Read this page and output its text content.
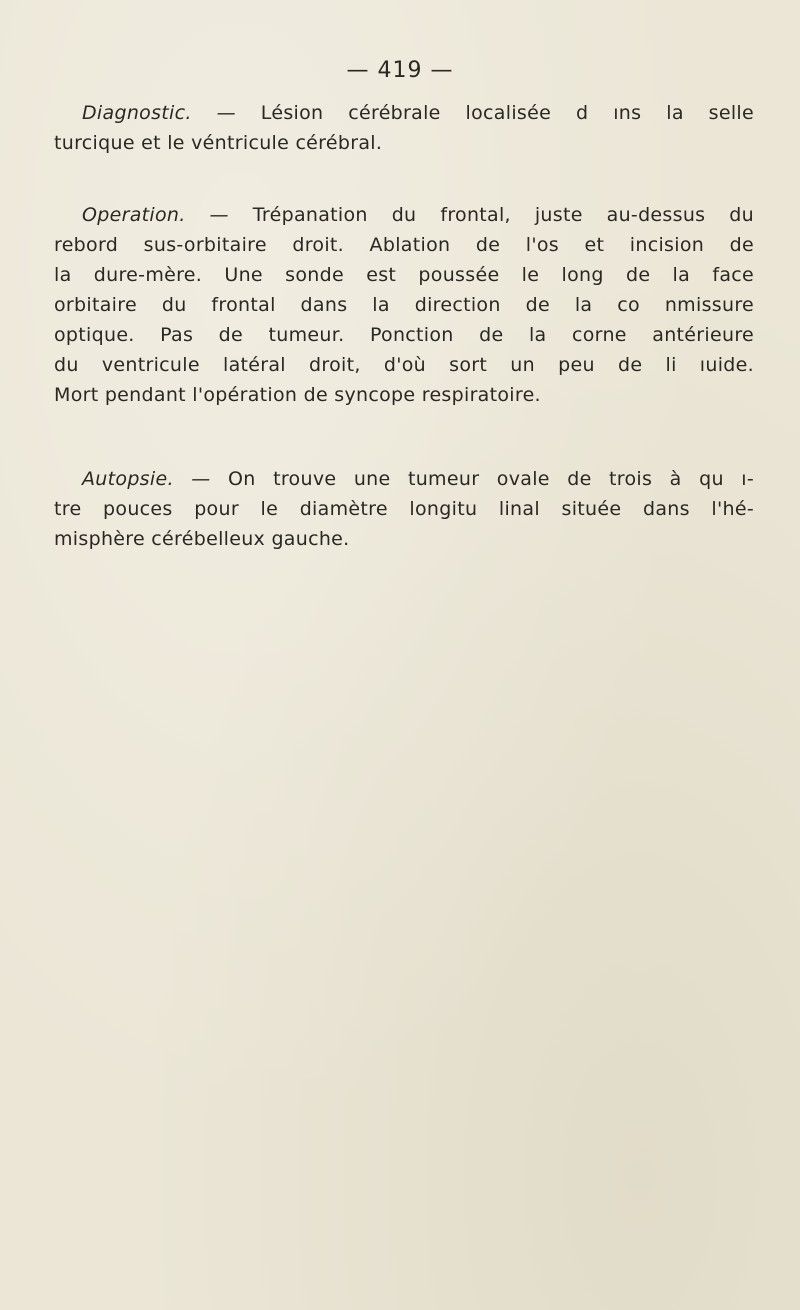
— 419 —
Diagnostic. — Lésion cérébrale localisée d ıns la selle
turcique et le véntricule cérébral.
Operation. — Trépanation du frontal, juste au-dessus du
rebord sus-orbitaire droit. Ablation de l'os et incision de
la dure-mère. Une sonde est poussée le long de la face
orbitaire du frontal dans la direction de la co nmissure
optique. Pas de tumeur. Ponction de la corne antérieure
du ventricule latéral droit, d'où sort un peu de li ıuide.
Mort pendant l'opération de syncope respiratoire.
Autopsie. — On trouve une tumeur ovale de trois à qu ı-
tre pouces pour le diamètre longitu linal située dans l'hé-
misphère cérébelleux gauche.
